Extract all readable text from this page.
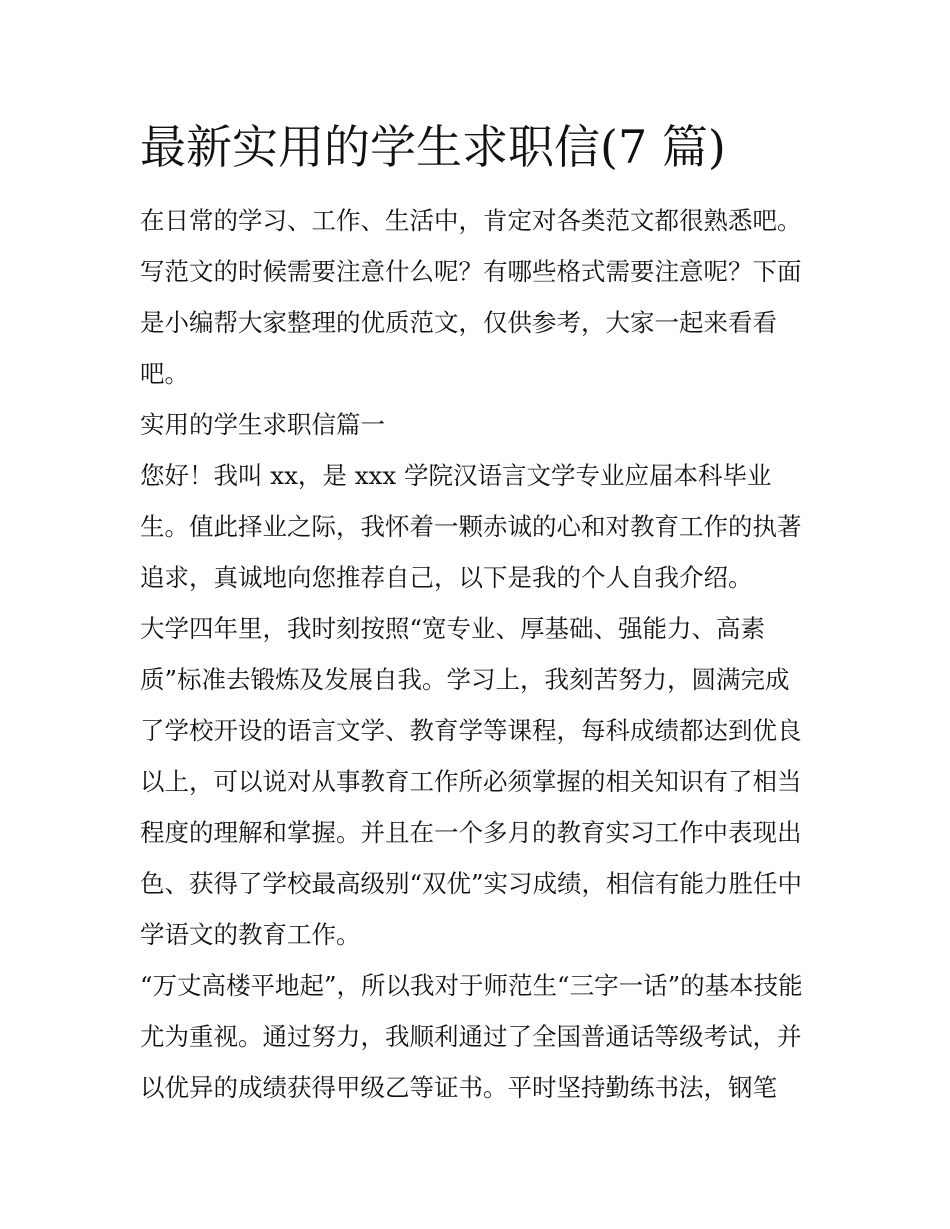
最新实用的学生求职信(7 篇)

在日常的学习、工作、生活中，肯定对各类范文都很熟悉吧。

写范文的时候需要注意什么呢？有哪些格式需要注意呢？下面

是小编帮大家整理的优质范文，仅供参考，大家一起来看看

吧。

实用的学生求职信篇一

您好！我叫 xx，是 xxx 学院汉语言文学专业应届本科毕业

生。值此择业之际，我怀着一颗赤诚的心和对教育工作的执著

追求，真诚地向您推荐自己，以下是我的个人自我介绍。

大学四年里，我时刻按照“宽专业、厚基础、强能力、高素

质”标准去锻炼及发展自我。学习上，我刻苦努力，圆满完成

了学校开设的语言文学、教育学等课程，每科成绩都达到优良

以上，可以说对从事教育工作所必须掌握的相关知识有了相当

程度的理解和掌握。并且在一个多月的教育实习工作中表现出

色、获得了学校最高级别“双优”实习成绩，相信有能力胜任中

学语文的教育工作。

“万丈高楼平地起”，所以我对于师范生“三字一话”的基本技能

尤为重视。通过努力，我顺利通过了全国普通话等级考试，并

以优异的成绩获得甲级乙等证书。平时坚持勤练书法，钢笔
